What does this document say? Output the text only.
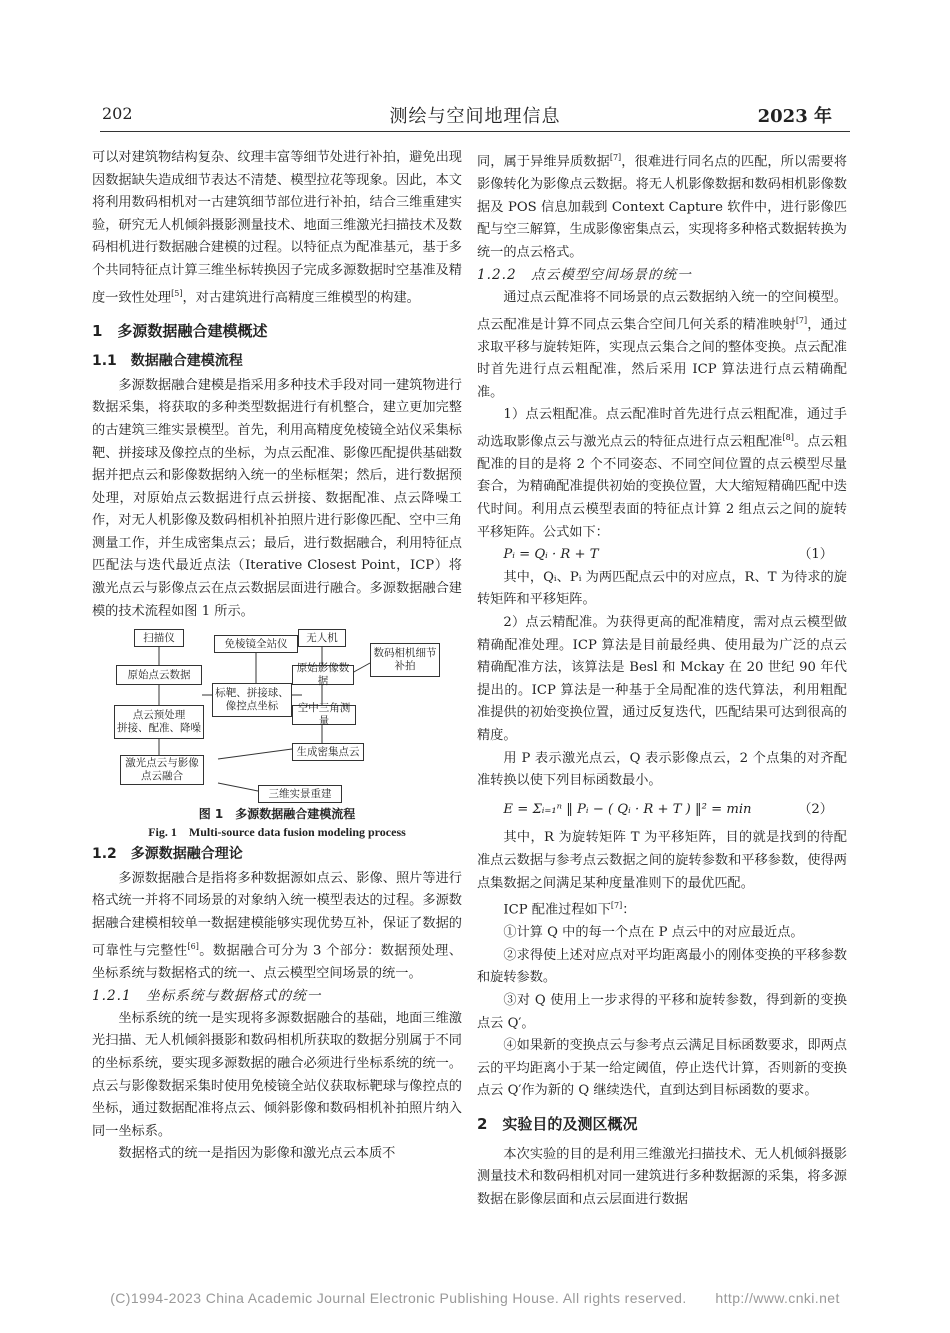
202	测绘与空间地理信息	2023 年

可以对建筑物结构复杂、纹理丰富等细节处进行补拍，避免出现因数据缺失造成细节表达不清楚、模型拉花等现象。因此，本文将利用数码相机对一古建筑细节部位进行补拍，结合三维重建实验，研究无人机倾斜摄影测量技术、地面三维激光扫描技术及数码相机进行数据融合建模的过程。以特征点为配准基元，基于多个共同特征点计算三维坐标转换因子完成多源数据时空基准及精度一致性处理[5]，对古建筑进行高精度三维模型的构建。

1　多源数据融合建模概述
1.1　数据融合建模流程

多源数据融合建模是指采用多种技术手段对同一建筑物进行数据采集，将获取的多种类型数据进行有机整合，建立更加完整的古建筑三维实景模型。首先，利用高精度免棱镜全站仪采集标靶、拼接球及像控点的坐标，为点云配准、影像匹配提供基础数据并把点云和影像数据纳入统一的坐标框架；然后，进行数据预处理，对原始点云数据进行点云拼接、数据配准、点云降噪工作，对无人机影像及数码相机补拍照片进行影像匹配、空中三角测量工作，并生成密集点云；最后，进行数据融合，利用特征点匹配法与迭代最近点法（Iterative Closest Point，ICP）将激光点云与影像点云在点云数据层面进行融合。多源数据融合建模的技术流程如图 1 所示。

扫描仪	免棱镜全站仪	无人机
数码相机细节补拍
原始点云数据
标靶、拼接球、像控点坐标
原始影像数据
点云预处理
拼接、配准、降噪
空中三角测量
生成密集点云
激光点云与影像点云融合
三维实景重建
图 1　多源数据融合建模流程
Fig. 1　Multi-source data fusion modeling process
1.2　多源数据融合理论

多源数据融合是指将多种数据源如点云、影像、照片等进行格式统一并将不同场景的对象纳入统一模型表达的过程。多源数据融合建模相较单一数据建模能够实现优势互补，保证了数据的可靠性与完整性[6]。数据融合可分为 3 个部分：数据预处理、坐标系统与数据格式的统一、点云模型空间场景的统一。

1.2.1　坐标系统与数据格式的统一

坐标系统的统一是实现将多源数据融合的基础，地面三维激光扫描、无人机倾斜摄影和数码相机所获取的数据分别属于不同的坐标系统，要实现多源数据的融合必须进行坐标系统的统一。点云与影像数据采集时使用免棱镜全站仪获取标靶球与像控点的坐标，通过数据配准将点云、倾斜影像和数码相机补拍照片纳入同一坐标系。

数据格式的统一是指因为影像和激光点云本质不

同，属于异维异质数据[7]，很难进行同名点的匹配，所以需要将影像转化为影像点云数据。将无人机影像数据和数码相机影像数据及 POS 信息加载到 Context Capture 软件中，进行影像匹配与空三解算，生成影像密集点云，实现将多种格式数据转换为统一的点云格式。

1.2.2　点云模型空间场景的统一

通过点云配准将不同场景的点云数据纳入统一的空间模型。点云配准是计算不同点云集合空间几何关系的精准映射[7]，通过求取平移与旋转矩阵，实现点云集合之间的整体变换。点云配准时首先进行点云粗配准，然后采用 ICP 算法进行点云精确配准。

1）点云粗配准。点云配准时首先进行点云粗配准，通过手动选取影像点云与激光点云的特征点进行点云粗配准[8]。点云粗配准的目的是将 2 个不同姿态、不同空间位置的点云模型尽量套合，为精确配准提供初始的变换位置，大大缩短精确匹配中迭代时间。利用点云模型表面的特征点计算 2 组点云之间的旋转平移矩阵。公式如下：

Pᵢ = Qᵢ · R + T	（1）

其中，Qᵢ、Pᵢ 为两匹配点云中的对应点，R、T 为待求的旋转矩阵和平移矩阵。

2）点云精配准。为获得更高的配准精度，需对点云模型做精确配准处理。ICP 算法是目前最经典、使用最为广泛的点云精确配准方法，该算法是 Besl 和 Mckay 在 20 世纪 90 年代提出的。ICP 算法是一种基于全局配准的迭代算法，利用粗配准提供的初始变换位置，通过反复迭代，匹配结果可达到很高的精度。

用 P 表示激光点云，Q 表示影像点云，2 个点集的对齐配准转换以使下列目标函数最小。

E = Σᵢ₌₁ⁿ ‖ Pᵢ − ( Qᵢ · R + T ) ‖² = min	（2）

其中，R 为旋转矩阵 T 为平移矩阵，目的就是找到的待配准点云数据与参考点云数据之间的旋转参数和平移参数，使得两点集数据之间满足某种度量准则下的最优匹配。

ICP 配准过程如下[7]：

①计算 Q 中的每一个点在 P 点云中的对应最近点。

②求得使上述对应点对平均距离最小的刚体变换的平移参数和旋转参数。

③对 Q 使用上一步求得的平移和旋转参数，得到新的变换点云 Q′。

④如果新的变换点云与参考点云满足目标函数要求，即两点云的平均距离小于某一给定阈值，停止迭代计算，否则新的变换点云 Q′作为新的 Q 继续迭代，直到达到目标函数的要求。

2　实验目的及测区概况

本次实验的目的是利用三维激光扫描技术、无人机倾斜摄影测量技术和数码相机对同一建筑进行多种数据源的采集，将多源数据在影像层面和点云层面进行数据

(C)1994-2023 China Academic Journal Electronic Publishing House. All rights reserved.　　http://www.cnki.net
